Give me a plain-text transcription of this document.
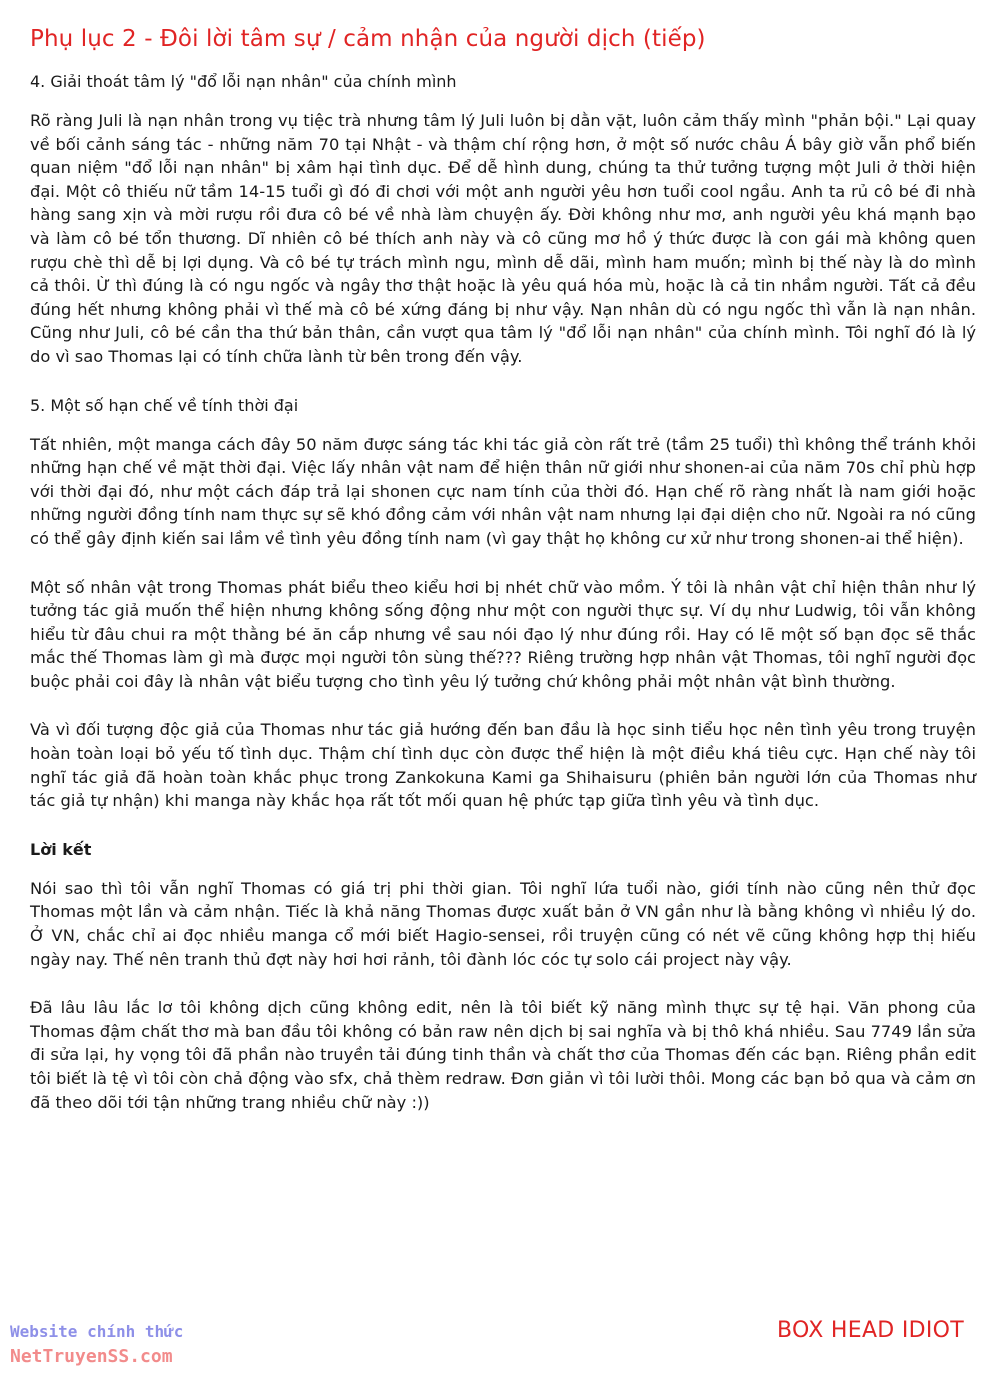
Phụ lục 2 - Đôi lời tâm sự / cảm nhận của người dịch (tiếp)
4. Giải thoát tâm lý "đổ lỗi nạn nhân" của chính mình

Rõ ràng Juli là nạn nhân trong vụ tiệc trà nhưng tâm lý Juli luôn bị dằn vặt, luôn cảm thấy mình "phản bội." Lại quay về bối cảnh sáng tác - những năm 70 tại Nhật - và thậm chí rộng hơn, ở một số nước châu Á bây giờ vẫn phổ biến quan niệm "đổ lỗi nạn nhân" bị xâm hại tình dục. Để dễ hình dung, chúng ta thử tưởng tượng một Juli ở thời hiện đại. Một cô thiếu nữ tầm 14-15 tuổi gì đó đi chơi với một anh người yêu hơn tuổi cool ngầu. Anh ta rủ cô bé đi nhà hàng sang xịn và mời rượu rồi đưa cô bé về nhà làm chuyện ấy. Đời không như mơ, anh người yêu khá mạnh bạo và làm cô bé tổn thương. Dĩ nhiên cô bé thích anh này và cô cũng mơ hồ ý thức được là con gái mà không quen rượu chè thì dễ bị lợi dụng. Và cô bé tự trách mình ngu, mình dễ dãi, mình ham muốn; mình bị thế này là do mình cả thôi. Ừ thì đúng là có ngu ngốc và ngây thơ thật hoặc là yêu quá hóa mù, hoặc là cả tin nhầm người. Tất cả đều đúng hết nhưng không phải vì thế mà cô bé xứng đáng bị như vậy. Nạn nhân dù có ngu ngốc thì vẫn là nạn nhân. Cũng như Juli, cô bé cần tha thứ bản thân, cần vượt qua tâm lý "đổ lỗi nạn nhân" của chính mình. Tôi nghĩ đó là lý do vì sao Thomas lại có tính chữa lành từ bên trong đến vậy.

5. Một số hạn chế về tính thời đại

Tất nhiên, một manga cách đây 50 năm được sáng tác khi tác giả còn rất trẻ (tầm 25 tuổi) thì không thể tránh khỏi những hạn chế về mặt thời đại. Việc lấy nhân vật nam để hiện thân nữ giới như shonen-ai của năm 70s chỉ phù hợp với thời đại đó, như một cách đáp trả lại shonen cực nam tính của thời đó. Hạn chế rõ ràng nhất là nam giới hoặc những người đồng tính nam thực sự sẽ khó đồng cảm với nhân vật nam nhưng lại đại diện cho nữ. Ngoài ra nó cũng có thể gây định kiến sai lầm về tình yêu đồng tính nam (vì gay thật họ không cư xử như trong shonen-ai thể hiện).

Một số nhân vật trong Thomas phát biểu theo kiểu hơi bị nhét chữ vào mồm. Ý tôi là nhân vật chỉ hiện thân như lý tưởng tác giả muốn thể hiện nhưng không sống động như một con người thực sự. Ví dụ như Ludwig, tôi vẫn không hiểu từ đâu chui ra một thằng bé ăn cắp nhưng về sau nói đạo lý như đúng rồi. Hay có lẽ một số bạn đọc sẽ thắc mắc thế Thomas làm gì mà được mọi người tôn sùng thế??? Riêng trường hợp nhân vật Thomas, tôi nghĩ người đọc buộc phải coi đây là nhân vật biểu tượng cho tình yêu lý tưởng chứ không phải một nhân vật bình thường.

Và vì đối tượng độc giả của Thomas như tác giả hướng đến ban đầu là học sinh tiểu học nên tình yêu trong truyện hoàn toàn loại bỏ yếu tố tình dục. Thậm chí tình dục còn được thể hiện là một điều khá tiêu cực. Hạn chế này tôi nghĩ tác giả đã hoàn toàn khắc phục trong Zankokuna Kami ga Shihaisuru (phiên bản người lớn của Thomas như tác giả tự nhận) khi manga này khắc họa rất tốt mối quan hệ phức tạp giữa tình yêu và tình dục.

Lời kết

Nói sao thì tôi vẫn nghĩ Thomas có giá trị phi thời gian. Tôi nghĩ lứa tuổi nào, giới tính nào cũng nên thử đọc Thomas một lần và cảm nhận. Tiếc là khả năng Thomas được xuất bản ở VN gần như là bằng không vì nhiều lý do. Ở VN, chắc chỉ ai đọc nhiều manga cổ mới biết Hagio-sensei, rồi truyện cũng có nét vẽ cũng không hợp thị hiếu ngày nay. Thế nên tranh thủ đợt này hơi hơi rảnh, tôi đành lóc cóc tự solo cái project này vậy.

Đã lâu lâu lắc lơ tôi không dịch cũng không edit, nên là tôi biết kỹ năng mình thực sự tệ hại. Văn phong của Thomas đậm chất thơ mà ban đầu tôi không có bản raw nên dịch bị sai nghĩa và bị thô khá nhiều. Sau 7749 lần sửa đi sửa lại, hy vọng tôi đã phần nào truyền tải đúng tinh thần và chất thơ của Thomas đến các bạn. Riêng phần edit tôi biết là tệ vì tôi còn chả động vào sfx, chả thèm redraw. Đơn giản vì tôi lười thôi. Mong các bạn bỏ qua và cảm ơn đã theo dõi tới tận những trang nhiều chữ này :))

Website chính thức
NetTruyenSS.com
BOX HEAD IDIOT
